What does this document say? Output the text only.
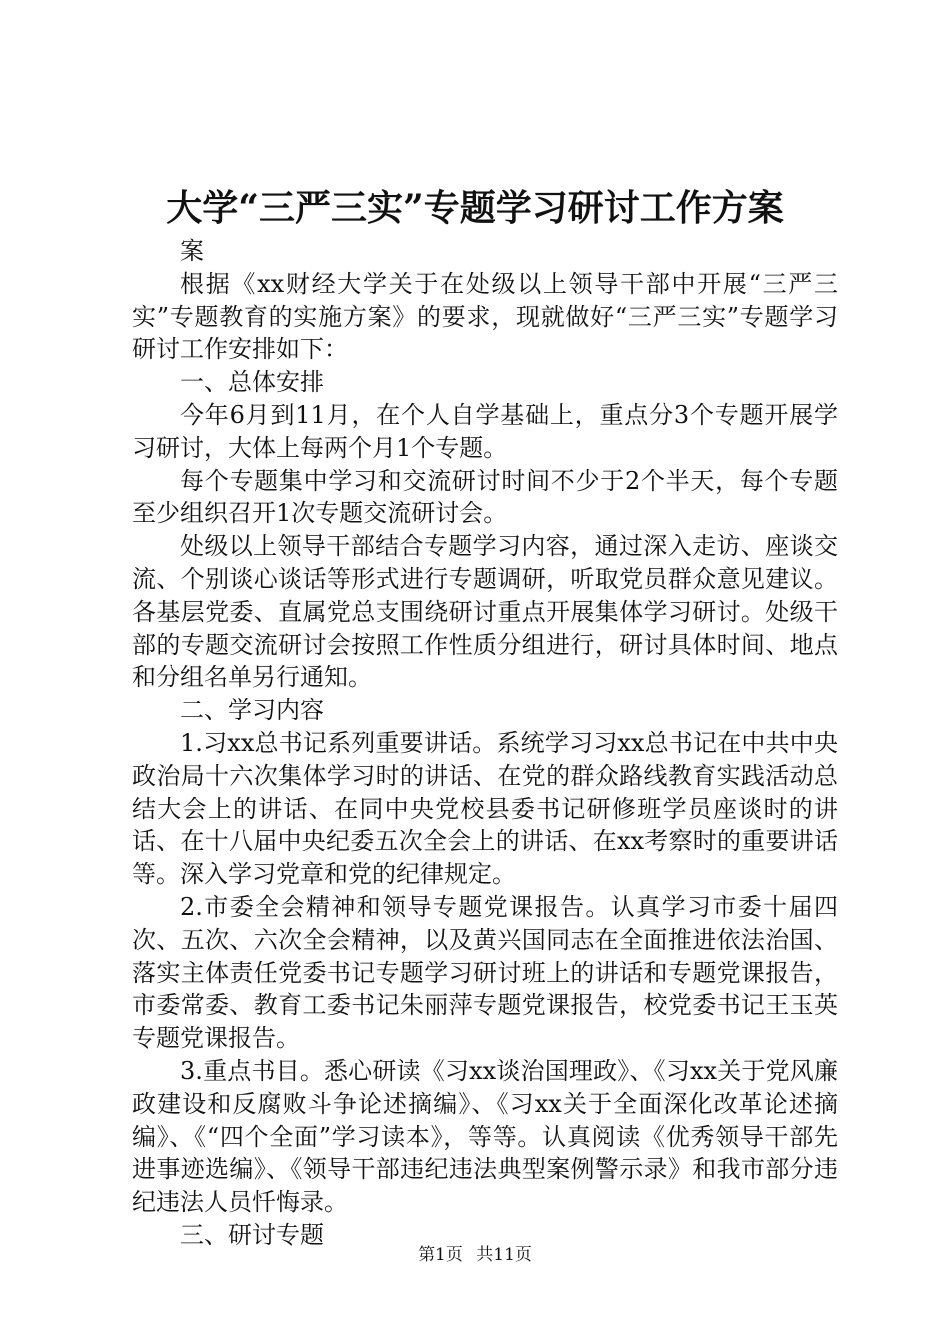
大学“三严三实”专题学习研讨工作方案

案

根据《xx财经大学关于在处级以上领导干部中开展“三严三实”专题教育的实施方案》的要求，现就做好“三严三实”专题学习研讨工作安排如下：

一、总体安排

今年6月到11月，在个人自学基础上，重点分3个专题开展学习研讨，大体上每两个月1个专题。

每个专题集中学习和交流研讨时间不少于2个半天，每个专题至少组织召开1次专题交流研讨会。

处级以上领导干部结合专题学习内容，通过深入走访、座谈交流、个别谈心谈话等形式进行专题调研，听取党员群众意见建议。各基层党委、直属党总支围绕研讨重点开展集体学习研讨。处级干部的专题交流研讨会按照工作性质分组进行，研讨具体时间、地点和分组名单另行通知。

二、学习内容

1.习xx总书记系列重要讲话。系统学习习xx总书记在中共中央政治局十六次集体学习时的讲话、在党的群众路线教育实践活动总结大会上的讲话、在同中央党校县委书记研修班学员座谈时的讲话、在十八届中央纪委五次全会上的讲话、在xx考察时的重要讲话等。深入学习党章和党的纪律规定。

2.市委全会精神和领导专题党课报告。认真学习市委十届四次、五次、六次全会精神，以及黄兴国同志在全面推进依法治国、落实主体责任党委书记专题学习研讨班上的讲话和专题党课报告，市委常委、教育工委书记朱丽萍专题党课报告，校党委书记王玉英专题党课报告。

3.重点书目。悉心研读《习xx谈治国理政》、《习xx关于党风廉政建设和反腐败斗争论述摘编》、《习xx关于全面深化改革论述摘编》、《“四个全面”学习读本》，等等。认真阅读《优秀领导干部先进事迹选编》、《领导干部违纪违法典型案例警示录》和我市部分违纪违法人员忏悔录。

三、研讨专题

第1页 共11页
